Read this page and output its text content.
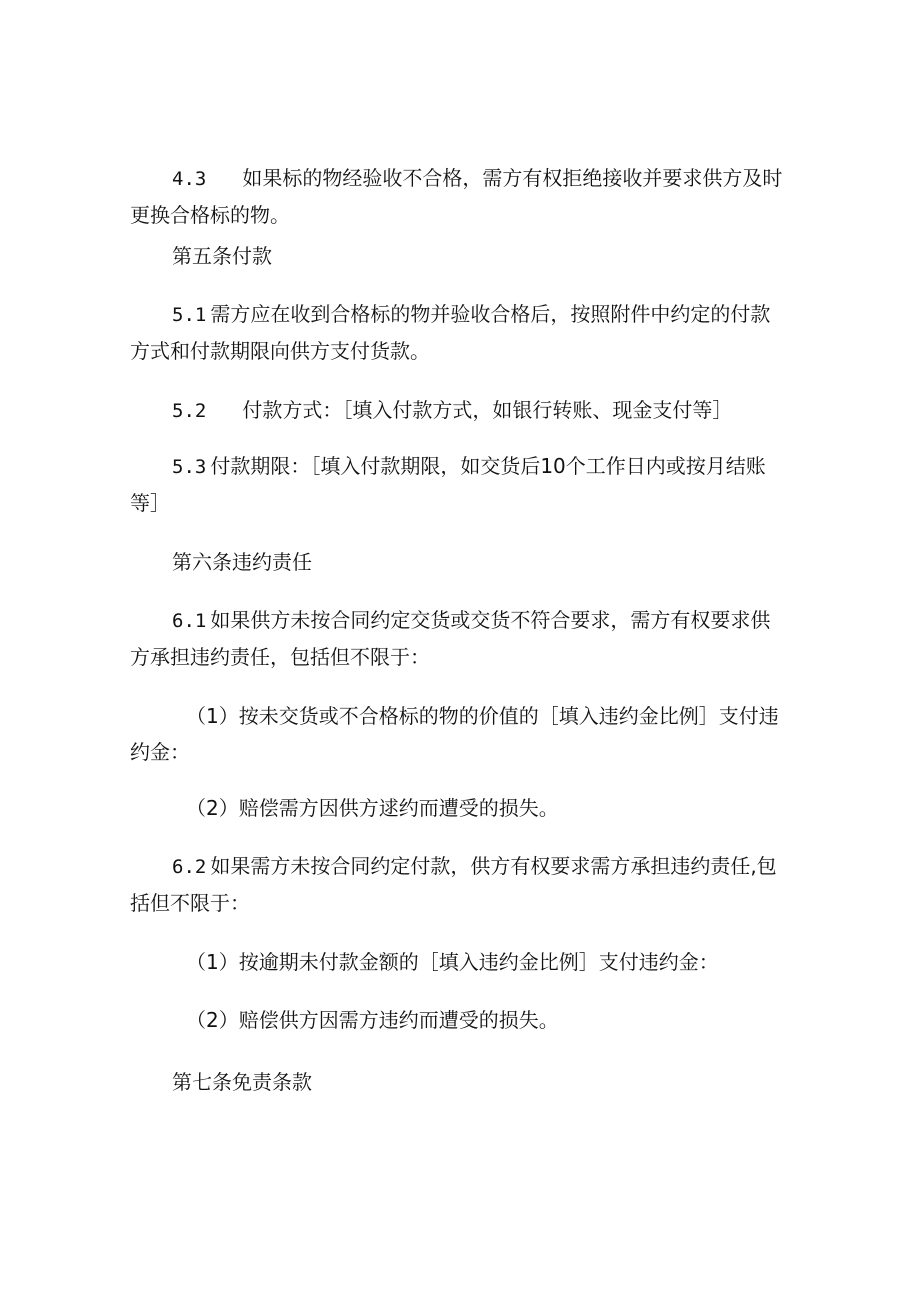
4.3 如果标的物经验收不合格，需方有权拒绝接收并要求供方及时更换合格标的物。

第五条付款

5.1 需方应在收到合格标的物并验收合格后，按照附件中约定的付款方式和付款期限向供方支付货款。

5.2 付款方式：［填入付款方式，如银行转账、现金支付等］

5.3 付款期限：［填入付款期限，如交货后10个工作日内或按月结账等］

第六条违约责任

6.1 如果供方未按合同约定交货或交货不符合要求，需方有权要求供方承担违约责任，包括但不限于：

（1）按未交货或不合格标的物的价值的［填入违约金比例］支付违约金：

（2）赔偿需方因供方逑约而遭受的损失。

6.2 如果需方未按合同约定付款，供方有权要求需方承担违约责任,包括但不限于：

（1）按逾期未付款金额的［填入违约金比例］支付违约金：

（2）赔偿供方因需方违约而遭受的损失。

第七条免责条款
